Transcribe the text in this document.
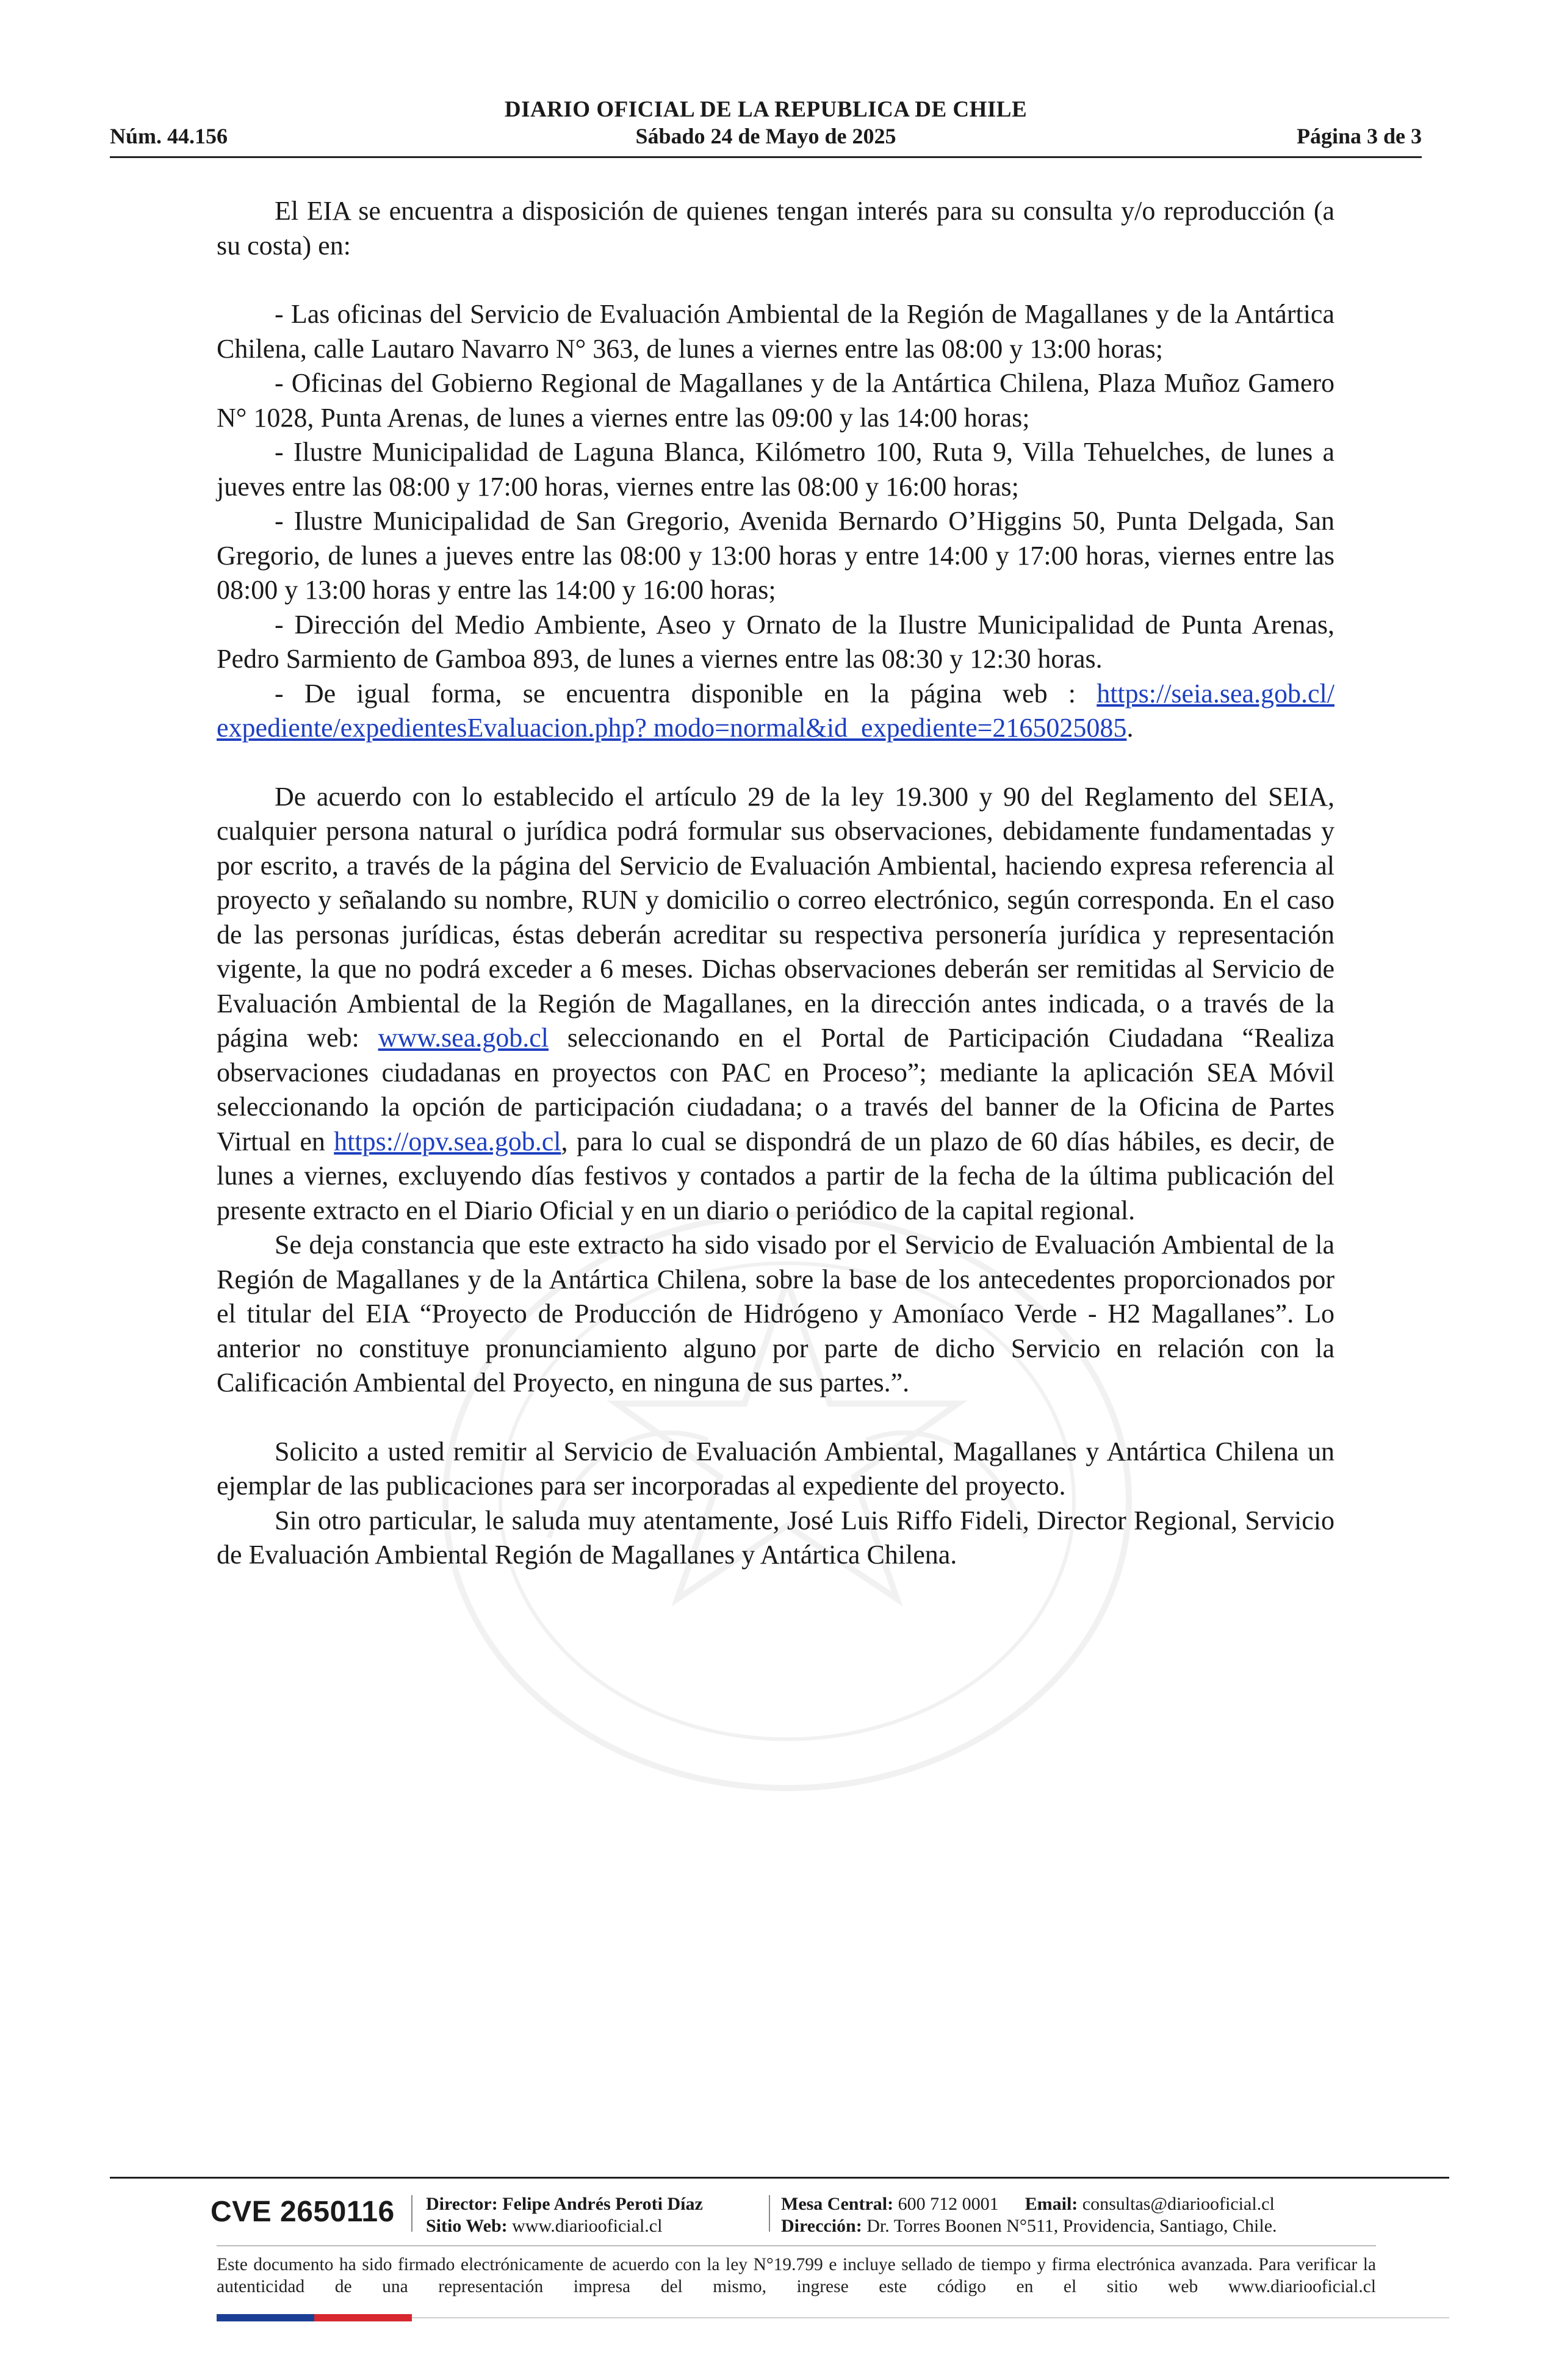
DIARIO OFICIAL DE LA REPUBLICA DE CHILE
Núm. 44.156	Sábado 24 de Mayo de 2025	Página 3 de 3

El EIA se encuentra a disposición de quienes tengan interés para su consulta y/o reproducción (a su costa) en:

- Las oficinas del Servicio de Evaluación Ambiental de la Región de Magallanes y de la Antártica Chilena, calle Lautaro Navarro N° 363, de lunes a viernes entre las 08:00 y 13:00 horas;

- Oficinas del Gobierno Regional de Magallanes y de la Antártica Chilena, Plaza Muñoz Gamero N° 1028, Punta Arenas, de lunes a viernes entre las 09:00 y las 14:00 horas;

- Ilustre Municipalidad de Laguna Blanca, Kilómetro 100, Ruta 9, Villa Tehuelches, de lunes a jueves entre las 08:00 y 17:00 horas, viernes entre las 08:00 y 16:00 horas;

- Ilustre Municipalidad de San Gregorio, Avenida Bernardo O’Higgins 50, Punta Delgada, San Gregorio, de lunes a jueves entre las 08:00 y 13:00 horas y entre 14:00 y 17:00 horas, viernes entre las 08:00 y 13:00 horas y entre las 14:00 y 16:00 horas;

- Dirección del Medio Ambiente, Aseo y Ornato de la Ilustre Municipalidad de Punta Arenas, Pedro Sarmiento de Gamboa 893, de lunes a viernes entre las 08:30 y 12:30 horas.

- De igual forma, se encuentra disponible en la página web : https://seia.sea.gob.cl/ expediente/expedientesEvaluacion.php? modo=normal&id_expediente=2165025085.

De acuerdo con lo establecido el artículo 29 de la ley 19.300 y 90 del Reglamento del SEIA, cualquier persona natural o jurídica podrá formular sus observaciones, debidamente fundamentadas y por escrito, a través de la página del Servicio de Evaluación Ambiental, haciendo expresa referencia al proyecto y señalando su nombre, RUN y domicilio o correo electrónico, según corresponda. En el caso de las personas jurídicas, éstas deberán acreditar su respectiva personería jurídica y representación vigente, la que no podrá exceder a 6 meses. Dichas observaciones deberán ser remitidas al Servicio de Evaluación Ambiental de la Región de Magallanes, en la dirección antes indicada, o a través de la página web: www.sea.gob.cl seleccionando en el Portal de Participación Ciudadana “Realiza observaciones ciudadanas en proyectos con PAC en Proceso”; mediante la aplicación SEA Móvil seleccionando la opción de participación ciudadana; o a través del banner de la Oficina de Partes Virtual en https://opv.sea.gob.cl, para lo cual se dispondrá de un plazo de 60 días hábiles, es decir, de lunes a viernes, excluyendo días festivos y contados a partir de la fecha de la última publicación del presente extracto en el Diario Oficial y en un diario o periódico de la capital regional.

Se deja constancia que este extracto ha sido visado por el Servicio de Evaluación Ambiental de la Región de Magallanes y de la Antártica Chilena, sobre la base de los antecedentes proporcionados por el titular del EIA “Proyecto de Producción de Hidrógeno y Amoníaco Verde - H2 Magallanes”. Lo anterior no constituye pronunciamiento alguno por parte de dicho Servicio en relación con la Calificación Ambiental del Proyecto, en ninguna de sus partes.”.

Solicito a usted remitir al Servicio de Evaluación Ambiental, Magallanes y Antártica Chilena un ejemplar de las publicaciones para ser incorporadas al expediente del proyecto.

Sin otro particular, le saluda muy atentamente, José Luis Riffo Fideli, Director Regional, Servicio de Evaluación Ambiental Región de Magallanes y Antártica Chilena.

CVE 2650116 Director: Felipe Andrés Peroti Díaz
Sitio Web: www.diariooficial.cl
Mesa Central: 600 712 0001 Email: consultas@diariooficial.cl
Dirección: Dr. Torres Boonen N°511, Providencia, Santiago, Chile.
Este documento ha sido firmado electrónicamente de acuerdo con la ley N°19.799 e incluye sellado de tiempo y firma electrónica avanzada. Para verificar la autenticidad de una representación impresa del mismo, ingrese este código en el sitio web www.diariooficial.cl
